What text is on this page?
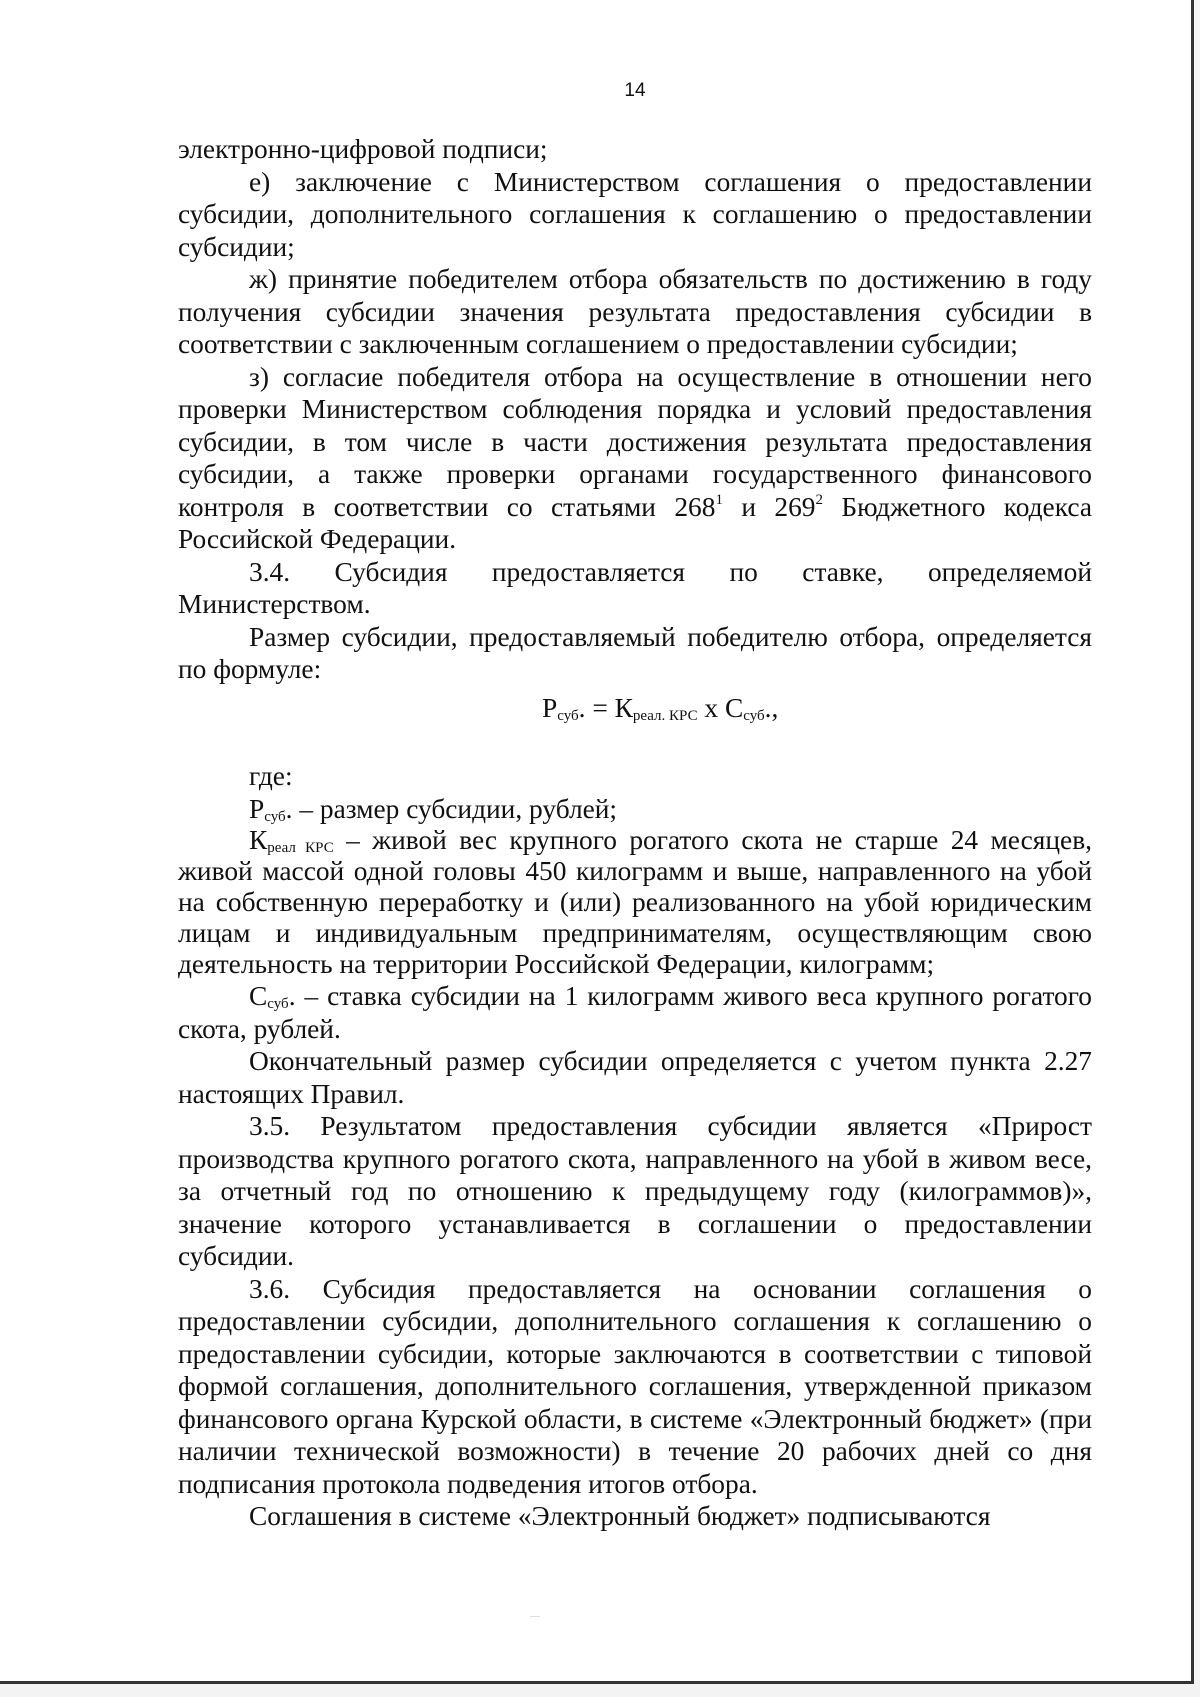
14

электронно-цифровой подписи;

е) заключение с Министерством соглашения о предоставлении субсидии, дополнительного соглашения к соглашению о предоставлении субсидии;

ж) принятие победителем отбора обязательств по достижению в году получения субсидии значения результата предоставления субсидии в соответствии с заключенным соглашением о предоставлении субсидии;

з) согласие победителя отбора на осуществление в отношении него проверки Министерством соблюдения порядка и условий предоставления субсидии, в том числе в части достижения результата предоставления субсидии, а также проверки органами государственного финансового контроля в соответствии со статьями $268^1$ и $269^2$ Бюджетного кодекса Российской Федерации.

3.4. Субсидия предоставляется по ставке, определяемой Министерством.

Размер субсидии, предоставляемый победителю отбора, определяется по формуле:

$Р_{суб}$. = $К_{реал. КРС}$ х $С_{суб}$.,

где:

$Р_{суб}$. – размер субсидии, рублей;

$К_{реал КРС}$ – живой вес крупного рогатого скота не старше 24 месяцев, живой массой одной головы 450 килограмм и выше, направленного на убой на собственную переработку и (или) реализованного на убой юридическим лицам и индивидуальным предпринимателям, осуществляющим свою деятельность на территории Российской Федерации, килограмм;

$С_{суб}$. – ставка субсидии на 1 килограмм живого веса крупного рогатого скота, рублей.

Окончательный размер субсидии определяется с учетом пункта 2.27 настоящих Правил.

3.5. Результатом предоставления субсидии является «Прирост производства крупного рогатого скота, направленного на убой в живом весе, за отчетный год по отношению к предыдущему году (килограммов)», значение которого устанавливается в соглашении о предоставлении субсидии.

3.6. Субсидия предоставляется на основании соглашения о предоставлении субсидии, дополнительного соглашения к соглашению о предоставлении субсидии, которые заключаются в соответствии с типовой формой соглашения, дополнительного соглашения, утвержденной приказом финансового органа Курской области, в системе «Электронный бюджет» (при наличии технической возможности) в течение 20 рабочих дней со дня подписания протокола подведения итогов отбора.

Соглашения в системе «Электронный бюджет» подписываются
